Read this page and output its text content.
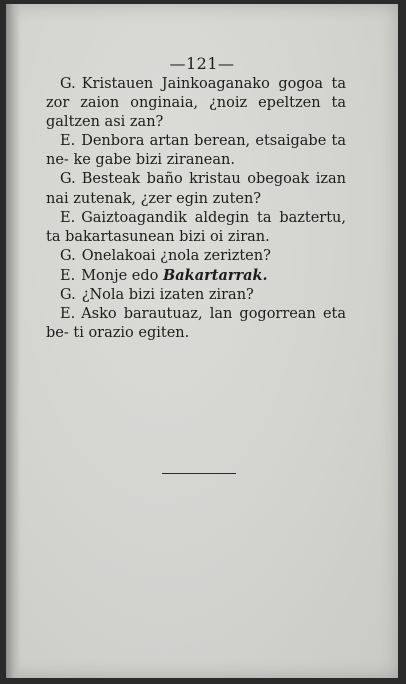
—121—

G. Kristauen Jainkoaganako gogoa ta zor zaion onginaia, ¿noiz epeltzen ta galtzen asi zan?

E. Denbora artan berean, etsaigabe ta ne- ke gabe bizi ziranean.

G. Besteak baño kristau obegoak izan nai zutenak, ¿zer egin zuten?

E. Gaiztoagandik aldegin ta baztertu, ta bakartasunean bizi oi ziran.

G. Onelakoai ¿nola zerizten?

E. Monje edo Bakartarrak.

G. ¿Nola bizi izaten ziran?

E. Asko barautuaz, lan gogorrean eta be- ti orazio egiten.
